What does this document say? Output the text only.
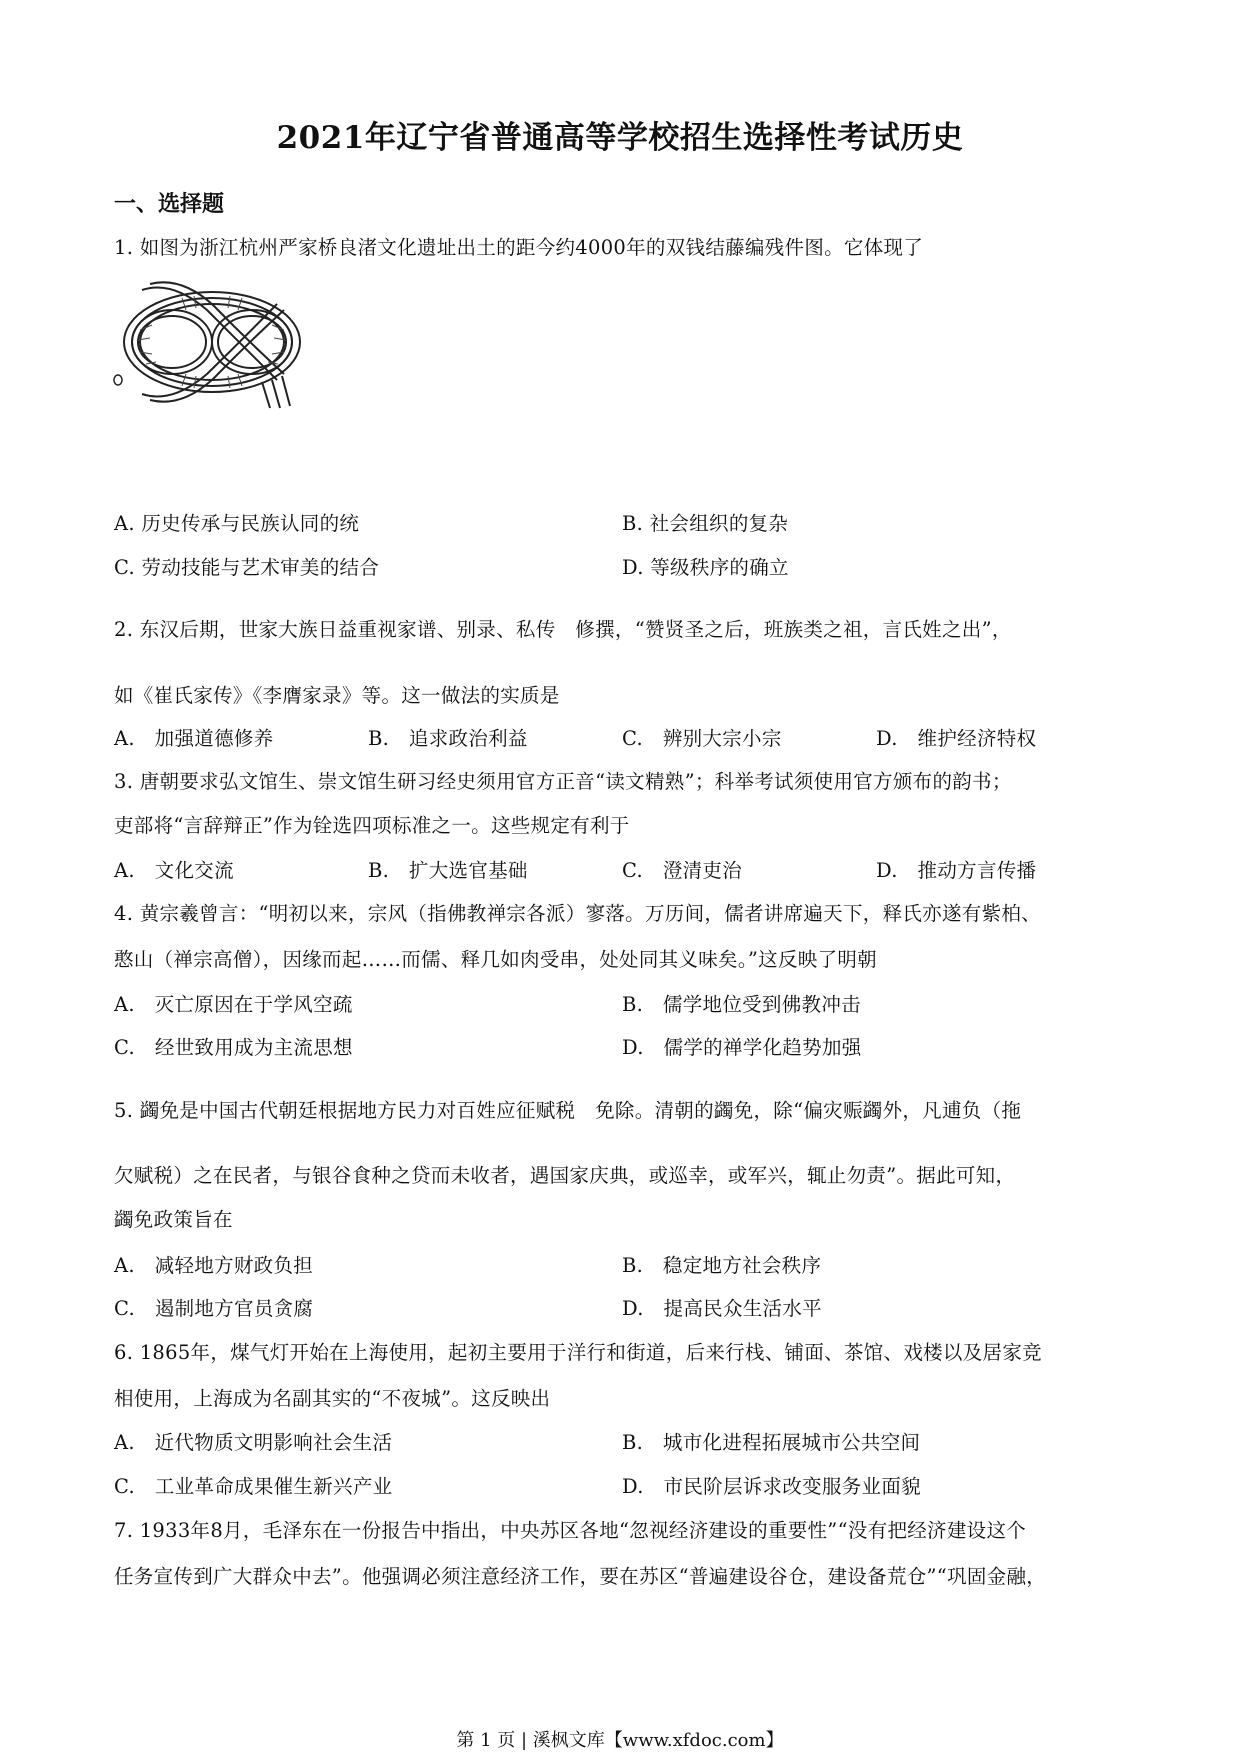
2021年辽宁省普通高等学校招生选择性考试历史
一、选择题
1. 如图为浙江杭州严家桥良渚文化遗址出土的距今约4000年的双钱结藤编残件图。它体现了
A. 历史传承与民族认同的统	B. 社会组织的复杂
C. 劳动技能与艺术审美的结合	D. 等级秩序的确立
2. 东汉后期，世家大族日益重视家谱、别录、私传　修撰，“赞贤圣之后，班族类之祖，言氏姓之出”，
如《崔氏家传》《李膺家录》等。这一做法的实质是
A.　加强道德修养	B.　追求政治利益	C.　辨别大宗小宗	D.　维护经济特权
3. 唐朝要求弘文馆生、崇文馆生研习经史须用官方正音“读文精熟”；科举考试须使用官方颁布的韵书；
吏部将“言辞辩正”作为铨选四项标准之一。这些规定有利于
A.　文化交流	B.　扩大选官基础	C.　澄清吏治	D.　推动方言传播
4. 黄宗羲曾言：“明初以来，宗风（指佛教禅宗各派）寥落。万历间，儒者讲席遍天下，释氏亦遂有紫柏、
憨山（禅宗高僧），因缘而起……而儒、释几如肉受串，处处同其义味矣。”这反映了明朝
A.　灭亡原因在于学风空疏	B.　儒学地位受到佛教冲击
C.　经世致用成为主流思想	D.　儒学的禅学化趋势加强
5. 蠲免是中国古代朝廷根据地方民力对百姓应征赋税　免除。清朝的蠲免，除“偏灾赈蠲外，凡逋负（拖
欠赋税）之在民者，与银谷食种之贷而未收者，遇国家庆典，或巡幸，或军兴，辄止勿责”。据此可知，
蠲免政策旨在
A.　减轻地方财政负担	B.　稳定地方社会秩序
C.　遏制地方官员贪腐	D.　提高民众生活水平
6. 1865年，煤气灯开始在上海使用，起初主要用于洋行和街道，后来行栈、铺面、茶馆、戏楼以及居家竞
相使用，上海成为名副其实的“不夜城”。这反映出
A.　近代物质文明影响社会生活	B.　城市化进程拓展城市公共空间
C.　工业革命成果催生新兴产业	D.　市民阶层诉求改变服务业面貌
7. 1933年8月，毛泽东在一份报告中指出，中央苏区各地“忽视经济建设的重要性”“没有把经济建设这个
任务宣传到广大群众中去”。他强调必须注意经济工作，要在苏区“普遍建设谷仓，建设备荒仓”“巩固金融，
第 1 页 | 溪枫文库【www.xfdoc.com】
